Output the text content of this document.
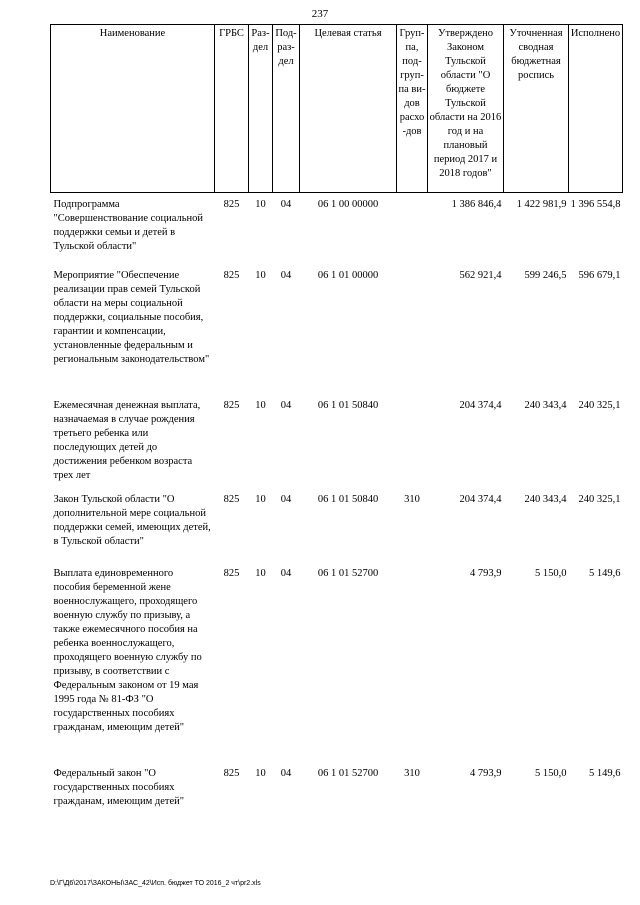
237
Наименование	ГРБС	Раз-дел	Под-раз-дел	Целевая статья	Груп-па, под-груп-па ви-дов расхо-дов	Утверждено Законом Тульской области "О бюджете Тульской области на 2016 год и на плановый период 2017 и 2018 годов"	Уточненная сводная бюджетная роспись	Исполнено
Подпрограмма "Совершенствование социальной поддержки семьи и детей в Тульской области"	825	10	04	06 1 00 00000		1 386 846,4	1 422 981,9	1 396 554,8
Мероприятие "Обеспечение реализации прав семей Тульской области на меры социальной поддержки, социальные пособия, гарантии и компенсации, установленные федеральным и региональным законодательством"	825	10	04	06 1 01 00000		562 921,4	599 246,5	596 679,1
Ежемесячная денежная выплата, назначаемая в случае рождения третьего ребенка или последующих детей до достижения ребенком возраста трех лет	825	10	04	06 1 01 50840		204 374,4	240 343,4	240 325,1
Закон Тульской области "О дополнительной мере социальной поддержки семей, имеющих детей, в Тульской области"	825	10	04	06 1 01 50840	310	204 374,4	240 343,4	240 325,1
Выплата единовременного пособия беременной жене военнослужащего, проходящего военную службу по призыву, а также ежемесячного пособия на ребенка военнослужащего, проходящего военную службу по призыву, в соответствии с Федеральным законом от 19 мая 1995 года № 81-ФЗ "О государственных пособиях гражданам, имеющим детей"	825	10	04	06 1 01 52700		4 793,9	5 150,0	5 149,6
Федеральный закон "О государственных пособиях гражданам, имеющим детей"	825	10	04	06 1 01 52700	310	4 793,9	5 150,0	5 149,6
D:\Г\Д6\2017\ЗАКОНЫ\ЗАС_42\Исп. бюджет ТО 2016_2 чт\pr2.xls
